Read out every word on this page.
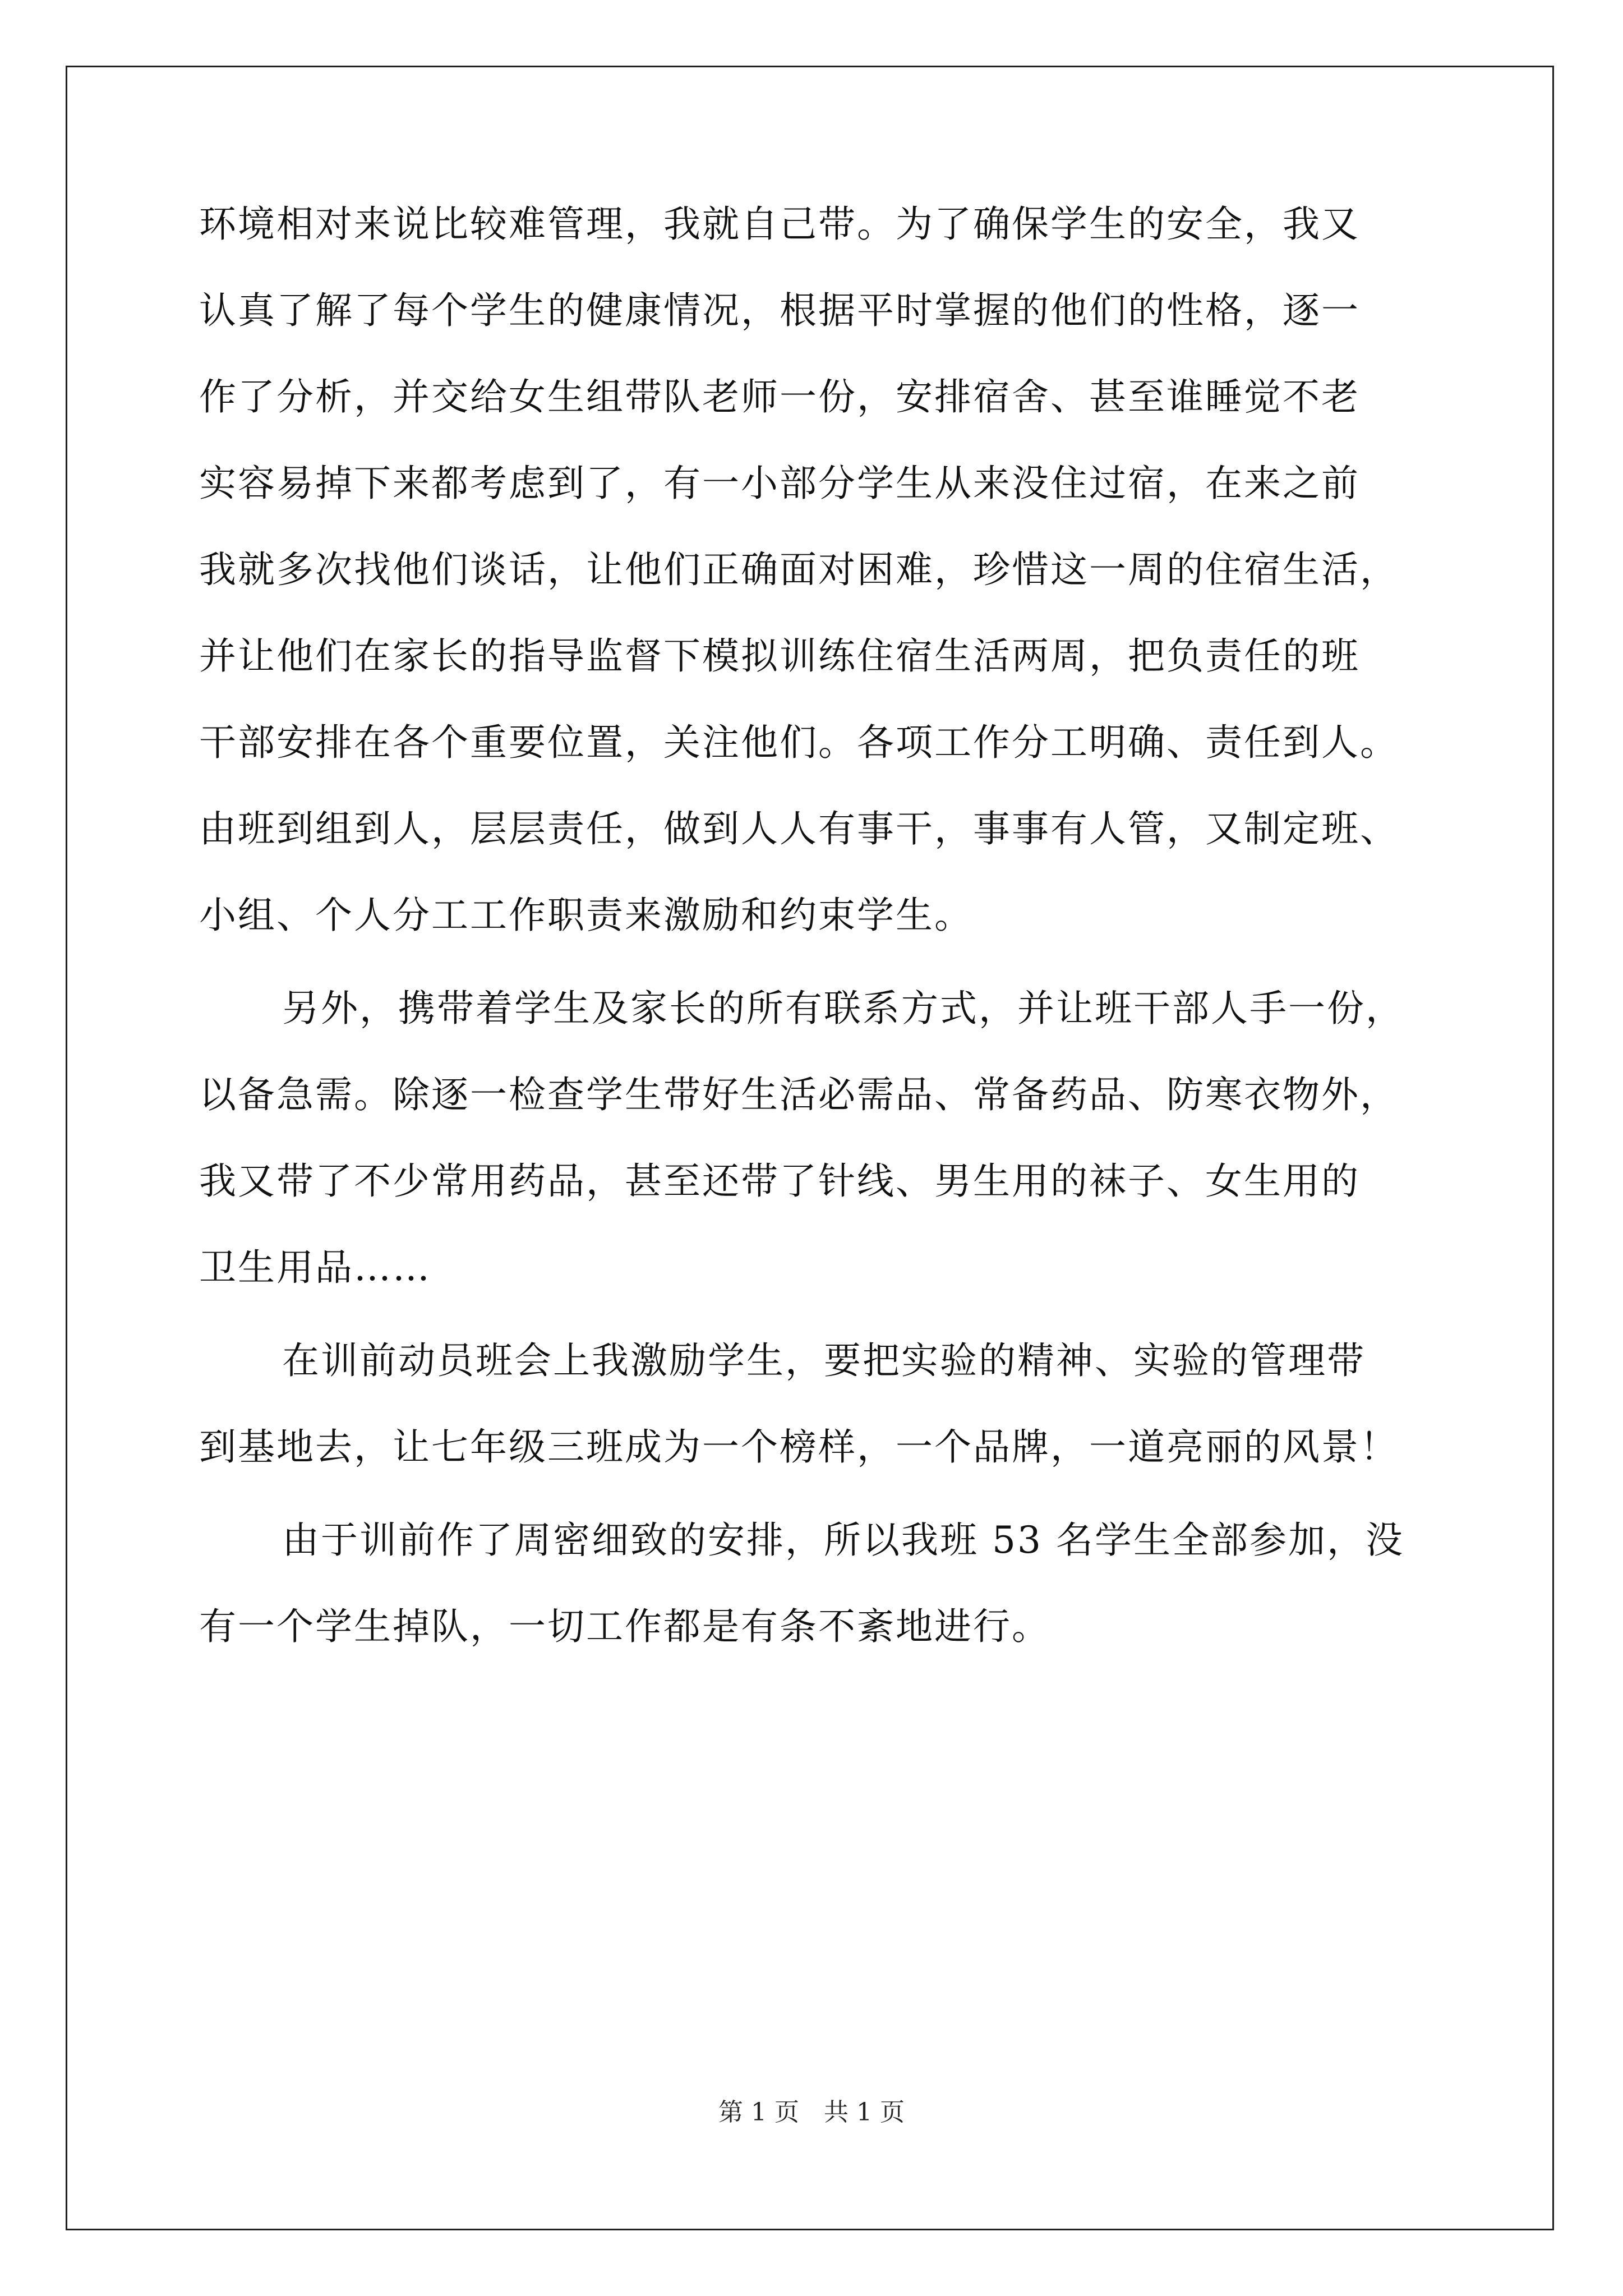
环境相对来说比较难管理，我就自己带。为了确保学生的安全，我又
认真了解了每个学生的健康情况，根据平时掌握的他们的性格，逐一
作了分析，并交给女生组带队老师一份，安排宿舍、甚至谁睡觉不老
实容易掉下来都考虑到了，有一小部分学生从来没住过宿，在来之前
我就多次找他们谈话，让他们正确面对困难，珍惜这一周的住宿生活，
并让他们在家长的指导监督下模拟训练住宿生活两周，把负责任的班
干部安排在各个重要位置，关注他们。各项工作分工明确、责任到人。
由班到组到人，层层责任，做到人人有事干，事事有人管，又制定班、
小组、个人分工工作职责来激励和约束学生。
另外，携带着学生及家长的所有联系方式，并让班干部人手一份，
以备急需。除逐一检查学生带好生活必需品、常备药品、防寒衣物外，
我又带了不少常用药品，甚至还带了针线、男生用的袜子、女生用的
卫生用品……
在训前动员班会上我激励学生，要把实验的精神、实验的管理带
到基地去，让七年级三班成为一个榜样，一个品牌，一道亮丽的风景！
由于训前作了周密细致的安排，所以我班 53 名学生全部参加，没
有一个学生掉队，一切工作都是有条不紊地进行。
第 1 页 共 1 页
